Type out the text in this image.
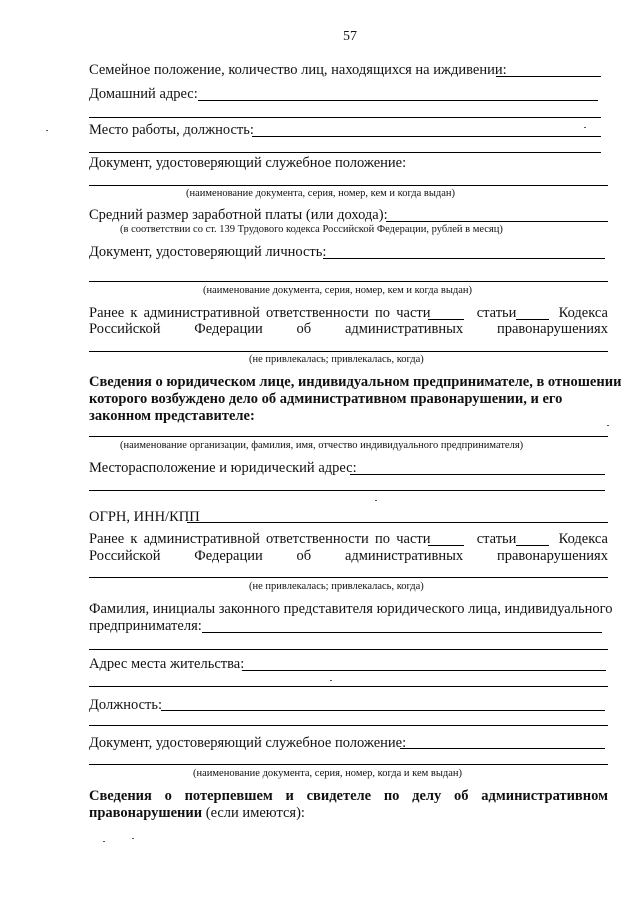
57
Семейное положение, количество лиц, находящихся на иждивении:
Домашний адрес:
Место работы, должность:
Документ, удостоверяющий служебное положение:
(наименование документа, серия, номер, кем и когда выдан)
Средний размер заработной платы (или дохода):
(в соответствии со ст. 139 Трудового кодекса Российской Федерации, рублей в месяц)
Документ, удостоверяющий личность:
(наименование документа, серия, номер, кем и когда выдан)
Ранее к административной ответственности по части	статьи	Кодекса
Российской Федерации об административных правонарушениях
(не привлекалась; привлекалась, когда)
Сведения о юридическом лице, индивидуальном предпринимателе, в отношении
которого возбуждено дело об административном правонарушении, и его
законном представителе:
(наименование организации, фамилия, имя, отчество индивидуального предпринимателя)
Месторасположение и юридический адрес:
ОГРН, ИНН/КПП
Ранее к административной ответственности по части	статьи	Кодекса
Российской Федерации об административных правонарушениях
(не привлекалась; привлекалась, когда)
Фамилия, инициалы законного представителя юридического лица, индивидуального
предпринимателя:
Адрес места жительства:
Должность:
Документ, удостоверяющий служебное положение:
(наименование документа, серия, номер, когда и кем выдан)
Сведения о потерпевшем и свидетеле по делу об административном
правонарушении (если имеются):
